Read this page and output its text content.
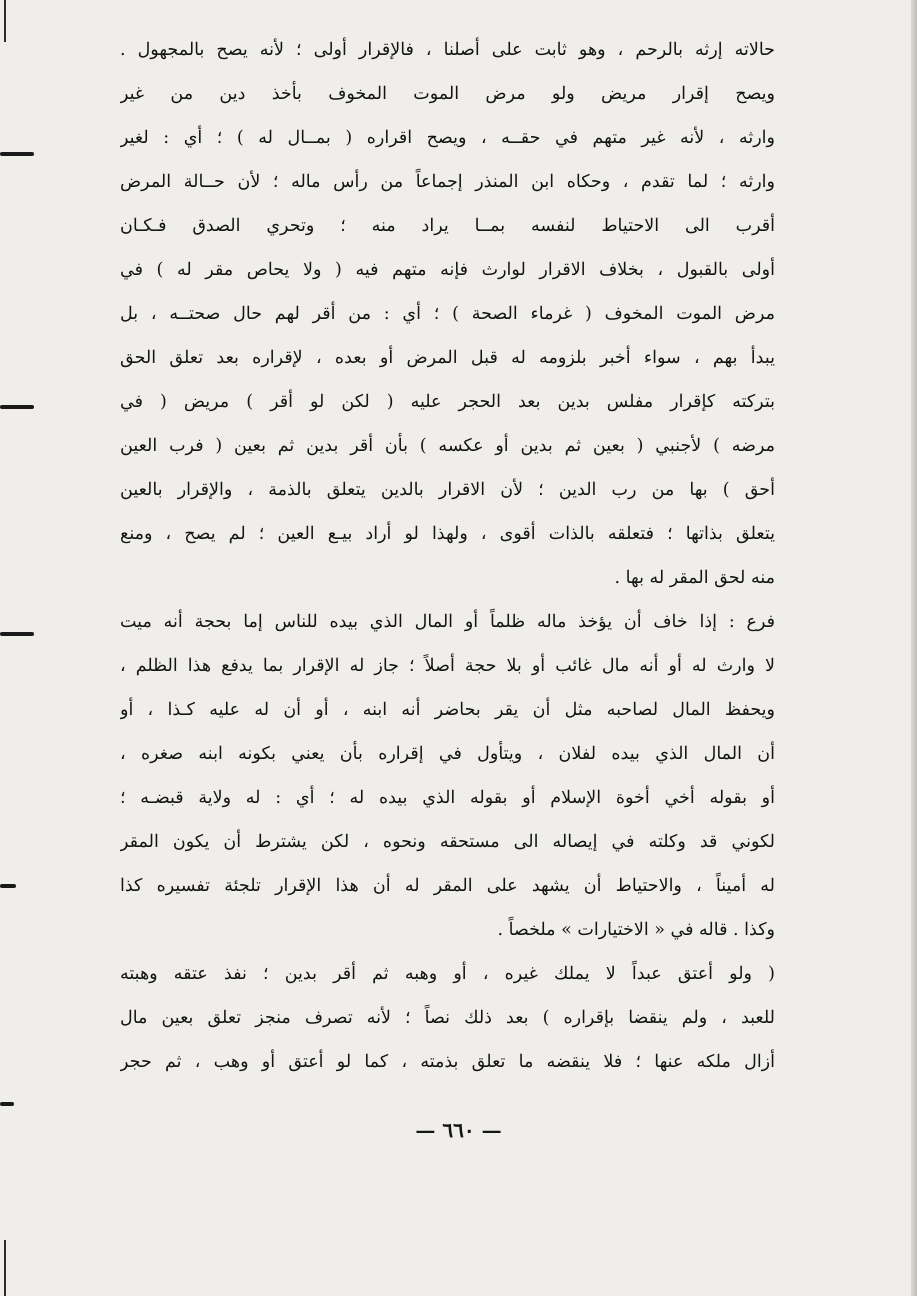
حالاته إرثه بالرحم ، وهو ثابت على أصلنا ، فالإقرار أولى ؛ لأنه يصح بالمجهول .
ويصح إقرار مريض ولو مرض الموت المخوف بأخذ دين من غير
وارثه ، لأنه غير متهم في حقــه ، ويصح اقراره ( بمــال له ) ؛ أي : لغير
وارثه ؛ لما تقدم ، وحكاه ابن المنذر إجماعاً من رأس ماله ؛ لأن حــالة المرض
أقرب الى الاحتياط لنفسه بمــا يراد منه ؛ وتحري الصدق فـكـان
أولى بالقبول ، بخلاف الاقرار لوارث فإنه متهم فيه ( ولا يحاص مقر له ) في
مرض الموت المخوف ( غرماء الصحة ) ؛ أي : من أقر لهم حال صحتــه ، بل
يبدأ بهم ، سواء أخبر بلزومه له قبل المرض أو بعده ، لإقراره بعد تعلق الحق
بتركته كإقرار مفلس بدين بعد الحجر عليه ( لكن لو أقر ) مريض ( في
مرضه ) لأجنبي ( بعين ثم بدين أو عكسه ) بأن أقر بدين ثم بعين ( فرب العين
أحق ) بها من رب الدين ؛ لأن الاقرار بالدين يتعلق بالذمة ، والإقرار بالعين
يتعلق بذاتها ؛ فتعلقه بالذات أقوى ، ولهذا لو أراد بيـع العين ؛ لم يصح ، ومنع
منه لحق المقر له بها .
فرع : إذا خاف أن يؤخذ ماله ظلماً أو المال الذي بيده للناس إما بحجة أنه ميت
لا وارث له أو أنه مال غائب أو بلا حجة أصلاً ؛ جاز له الإقرار بما يدفع هذا الظلم ،
ويحفظ المال لصاحبه مثل أن يقر بحاضر أنه ابنه ، أو أن له عليه كـذا ، أو
أن المال الذي بيده لفلان ، ويتأول في إقراره بأن يعني بكونه ابنه صغره ،
أو بقوله أخي أخوة الإسلام أو بقوله الذي بيده له ؛ أي : له ولاية قبضـه ؛
لكوني قد وكلته في إيصاله الى مستحقه ونحوه ، لكن يشترط أن يكون المقر
له أميناً ، والاحتياط أن يشهد على المقر له أن هذا الإقرار تلجئة تفسيره كذا
وكذا . قاله في « الاختيارات » ملخصاً .
( ولو أعتق عبداً لا يملك غيره ، أو وهبه ثم أقر بدين ؛ نفذ عتقه وهبته
للعبد ، ولم ينقضا بإقراره ) بعد ذلك نصاً ؛ لأنه تصرف منجز تعلق بعين مال
أزال ملكه عنها ؛ فلا ينقضه ما تعلق بذمته ، كما لو أعتق أو وهب ، ثم حجر
— ٦٦٠ —
